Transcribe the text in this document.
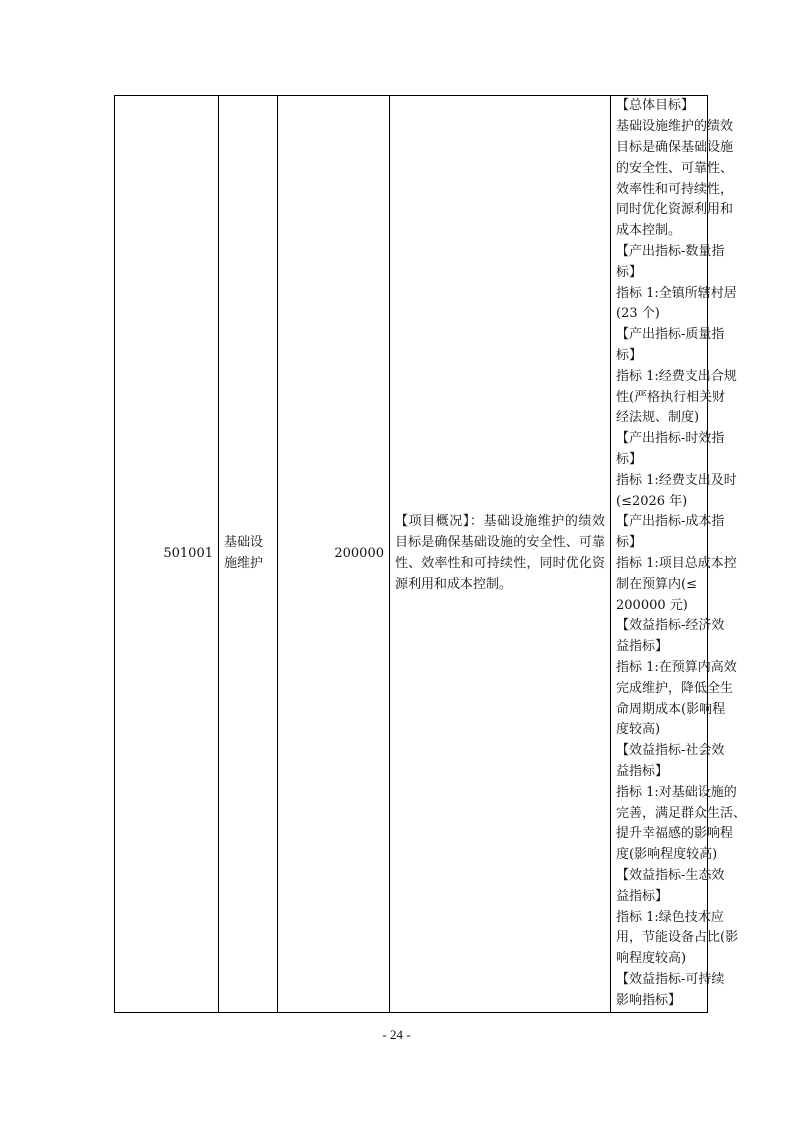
501001	基础设施维护	200000	【项目概况】：基础设施维护的绩效目标是确保基础设施的安全性、可靠性、效率性和可持续性，同时优化资源利用和成本控制。	
【总体目标】
基础设施维护的绩效
目标是确保基础设施
的安全性、可靠性、
效率性和可持续性，
同时优化资源利用和
成本控制。
【产出指标-数量指
标】
指标 1:全镇所辖村居
(23 个)
【产出指标-质量指
标】
指标 1:经费支出合规
性(严格执行相关财
经法规、制度)
【产出指标-时效指
标】
指标 1:经费支出及时
(≤2026 年)
【产出指标-成本指
标】
指标 1:项目总成本控
制在预算内(≤
200000 元)
【效益指标-经济效
益指标】
指标 1:在预算内高效
完成维护，降低全生
命周期成本(影响程
度较高)
【效益指标-社会效
益指标】
指标 1:对基础设施的
完善，满足群众生活、
提升幸福感的影响程
度(影响程度较高)
【效益指标-生态效
益指标】
指标 1:绿色技术应
用，节能设备占比(影
响程度较高)
【效益指标-可持续
影响指标】
- 24 -
